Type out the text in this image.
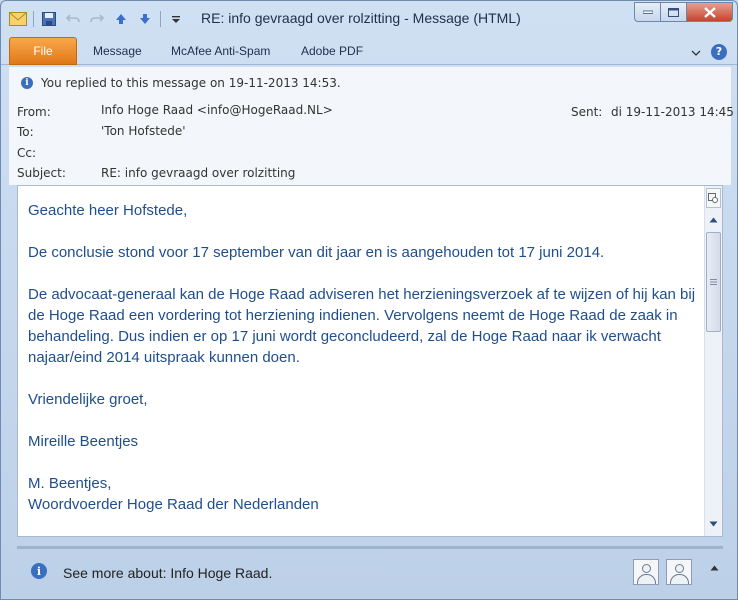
RE: info gevraagd over rolzitting - Message (HTML)
File	Message McAfee Anti-Spam	Adobe PDF	?
i	You replied to this message on 19-11-2013 14:53.
From:	Info Hoge Raad <info@HogeRaad.NL>	Sent: di 19-11-2013 14:45
To:	'Ton Hofstede'
Cc:
Subject:	RE: info gevraagd over rolzitting

Geachte heer Hofstede,

De conclusie stond voor 17 september van dit jaar en is aangehouden tot 17 juni 2014.

De advocaat-generaal kan de Hoge Raad adviseren het herzieningsverzoek af te wijzen of hij kan bij de Hoge Raad een vordering tot herziening indienen. Vervolgens neemt de Hoge Raad de zaak in behandeling. Dus indien er op 17 juni wordt geconcludeerd, zal de Hoge Raad naar ik verwacht najaar/eind 2014 uitspraak kunnen doen.

Vriendelijke groet,

Mireille Beentjes

M. Beentjes,
Woordvoerder Hoge Raad der Nederlanden
i	See more about: Info Hoge Raad.
